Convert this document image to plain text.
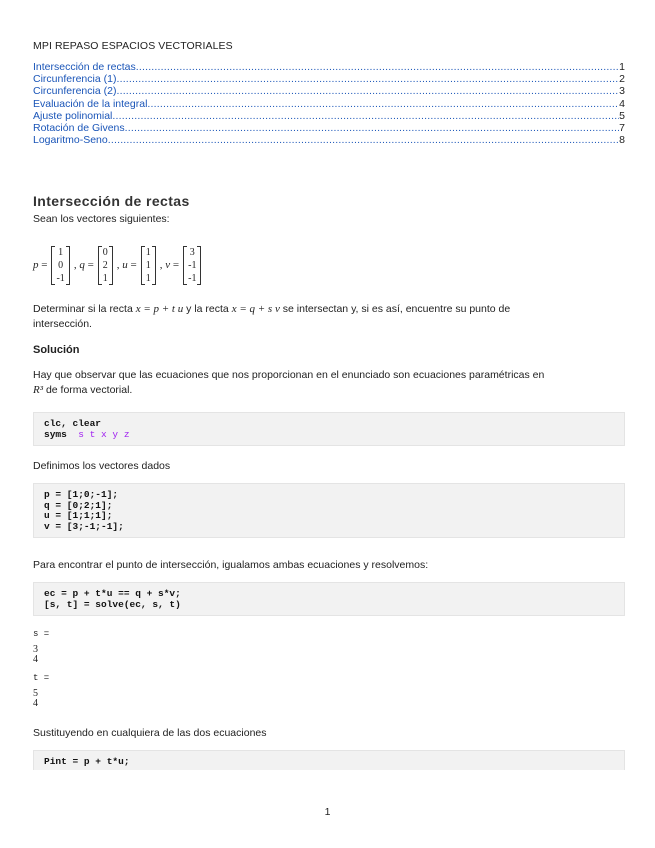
MPI REPASO ESPACIOS VECTORIALES
Intersección de rectas .....	1
Circunferencia (1) .....	2
Circunferencia (2) .....	3
Evaluación de la integral .....	4
Ajuste polinomial .....	5
Rotación de Givens .....	7
Logaritmo-Seno .....	8
Intersección de rectas
Sean los vectores siguientes:
p =
1
0
-1
, q =
0
2
1
, u =
1
1
1
, v =
3
-1
-1
Determinar si la recta x = p + t u y la recta x = q + s v se intersectan y, si es así, encuentre su punto de
intersección.
Solución
Hay que observar que las ecuaciones que nos proporcionan en el enunciado son ecuaciones paramétricas en
R³ de forma vectorial.
clc, clear
syms s t x y z
Definimos los vectores dados
p = [1;0;-1];
q = [0;2;1];
u = [1;1;1];
v = [3;-1;-1];
Para encontrar el punto de intersección, igualamos ambas ecuaciones y resolvemos:
ec = p + t*u == q + s*v;
[s, t] = solve(ec, s, t)
s =
3
4
t =
5
4
Sustituyendo en cualquiera de las dos ecuaciones
Pint = p + t*u;
1
